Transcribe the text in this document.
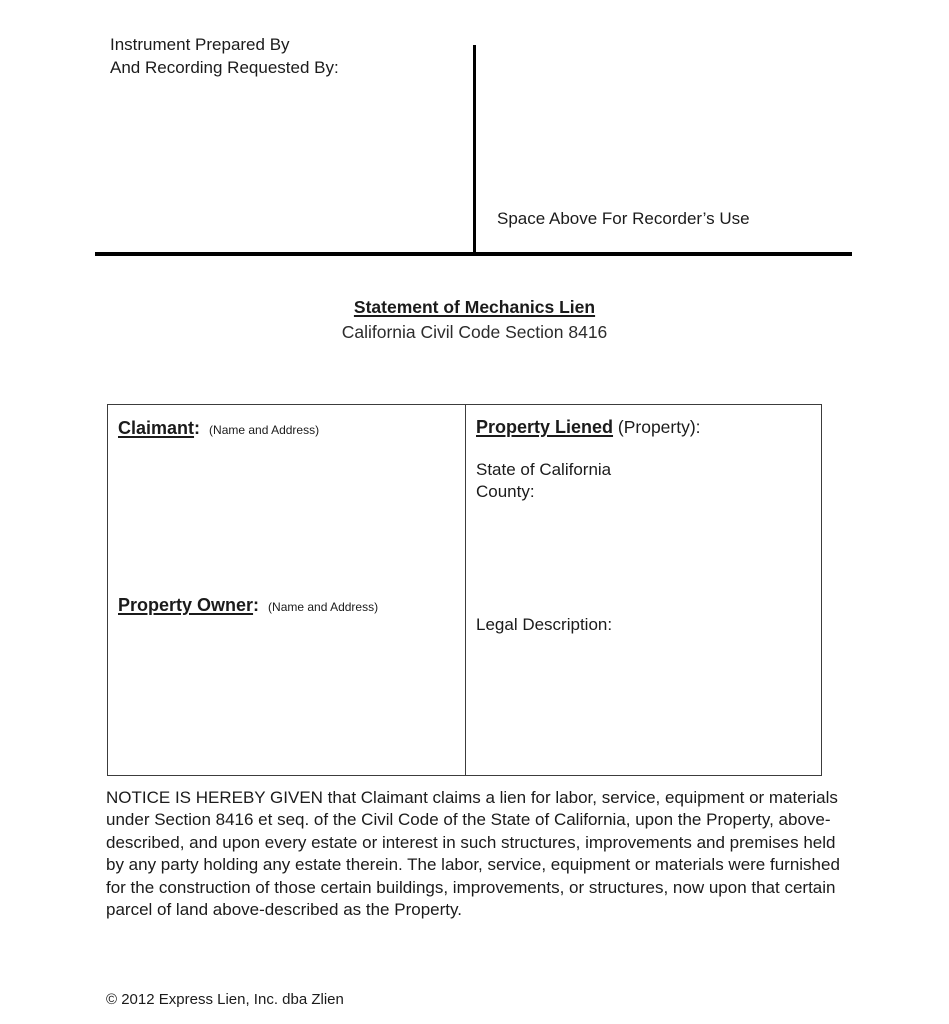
Instrument Prepared By
And Recording Requested By:
Space Above For Recorder’s Use
Statement of Mechanics Lien
California Civil Code Section 8416
Claimant: (Name and Address)
Property Owner: (Name and Address)
Property Liened (Property):
State of California
County:
Legal Description:

NOTICE IS HEREBY GIVEN that Claimant claims a lien for labor, service, equipment or materials under Section 8416 et seq. of the Civil Code of the State of California, upon the Property, above-described, and upon every estate or interest in such structures, improvements and premises held by any party holding any estate therein. The labor, service, equipment or materials were furnished for the construction of those certain buildings, improvements, or structures, now upon that certain parcel of land above-described as the Property.

© 2012 Express Lien, Inc. dba Zlien
